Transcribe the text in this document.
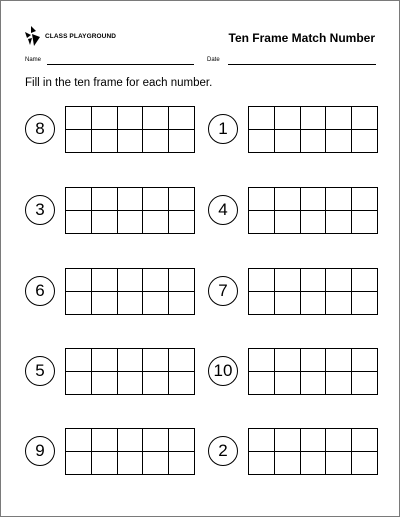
CLASS PLAYGROUND	Ten Frame Match Number
Name	Date
Fill in the ten frame for each number.
8	1
3	4
6	7
5	10
9	2
